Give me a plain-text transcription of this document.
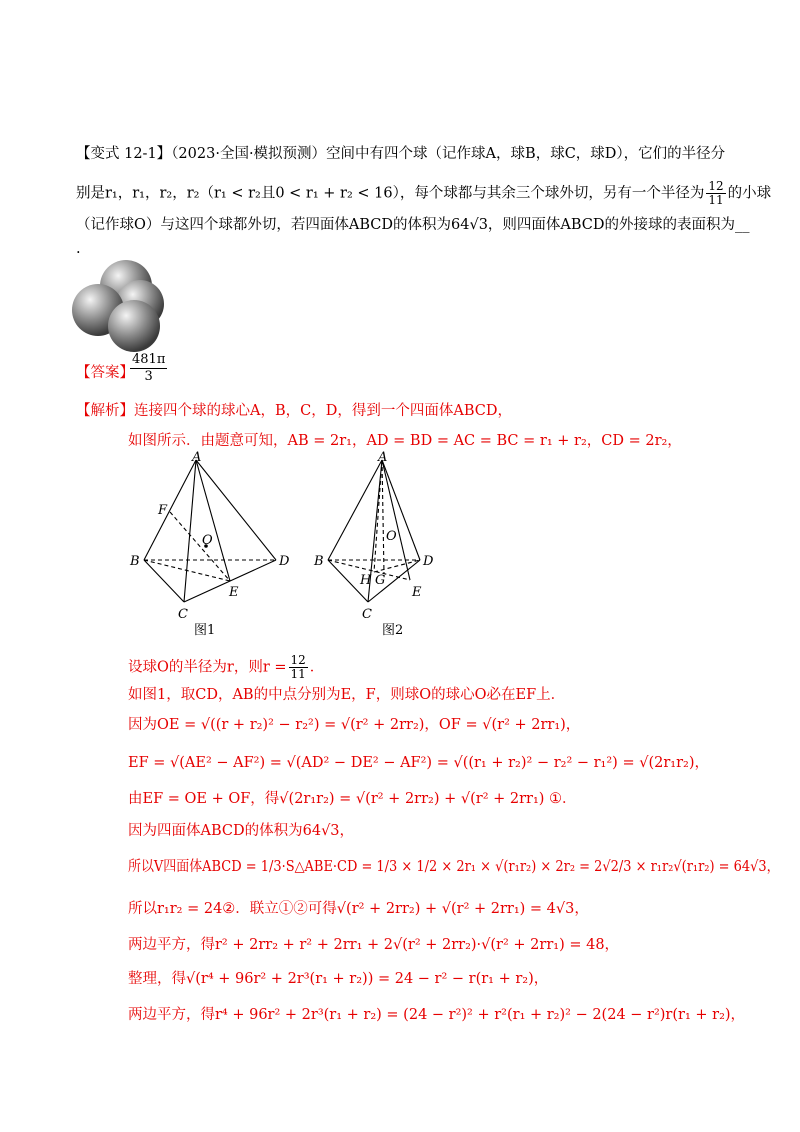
【变式 12-1】（2023·全国·模拟预测）空间中有四个球（记作球A，球B，球C，球D），它们的半径分
别是r₁，r₁，r₂，r₂（r₁ < r₂且0 < r₁ + r₂ < 16），每个球都与其余三个球外切，另有一个半径为 $\frac{12}{11}$ 的小球
（记作球O）与这四个球都外切，若四面体ABCD的体积为64√3，则四面体ABCD的外接球的表面积为__
.
【答案】
$\frac{481\pi}{3}$
【解析】连接四个球的球心A，B，C，D，得到一个四面体ABCD，
如图所示．由题意可知，AB = 2r₁，AD = BD = AC = BC = r₁ + r₂，CD = 2r₂，
A
F
O
B	D
E
C
图1
A
O
B	D
H G
E
C
图2
设球O的半径为r，则$r = \frac{12}{11}$ ．
如图1，取CD，AB的中点分别为E，F，则球O的球心O必在EF上．
因为OE = √((r + r₂)² − r₂²) = √(r² + 2rr₂)，OF = √(r² + 2rr₁)，
EF = √(AE² − AF²) = √(AD² − DE² − AF²) = √((r₁ + r₂)² − r₂² − r₁²) = √(2r₁r₂)，
由EF = OE + OF，得√(2r₁r₂) = √(r² + 2rr₂) + √(r² + 2rr₁) ①．
因为四面体ABCD的体积为64√3，
所以V四面体ABCD = 1/3·S△ABE·CD = 1/3 × 1/2 × 2r₁ × √(r₁r₂) × 2r₂ = 2√2/3 × r₁r₂√(r₁r₂) = 64√3，
所以r₁r₂ = 24②．联立①②可得√(r² + 2rr₂) + √(r² + 2rr₁) = 4√3，
两边平方，得r² + 2rr₂ + r² + 2rr₁ + 2√(r² + 2rr₂)·√(r² + 2rr₁) = 48，
整理，得√(r⁴ + 96r² + 2r³(r₁ + r₂)) = 24 − r² − r(r₁ + r₂)，
两边平方，得r⁴ + 96r² + 2r³(r₁ + r₂) = (24 − r²)² + r²(r₁ + r₂)² − 2(24 − r²)r(r₁ + r₂)，
